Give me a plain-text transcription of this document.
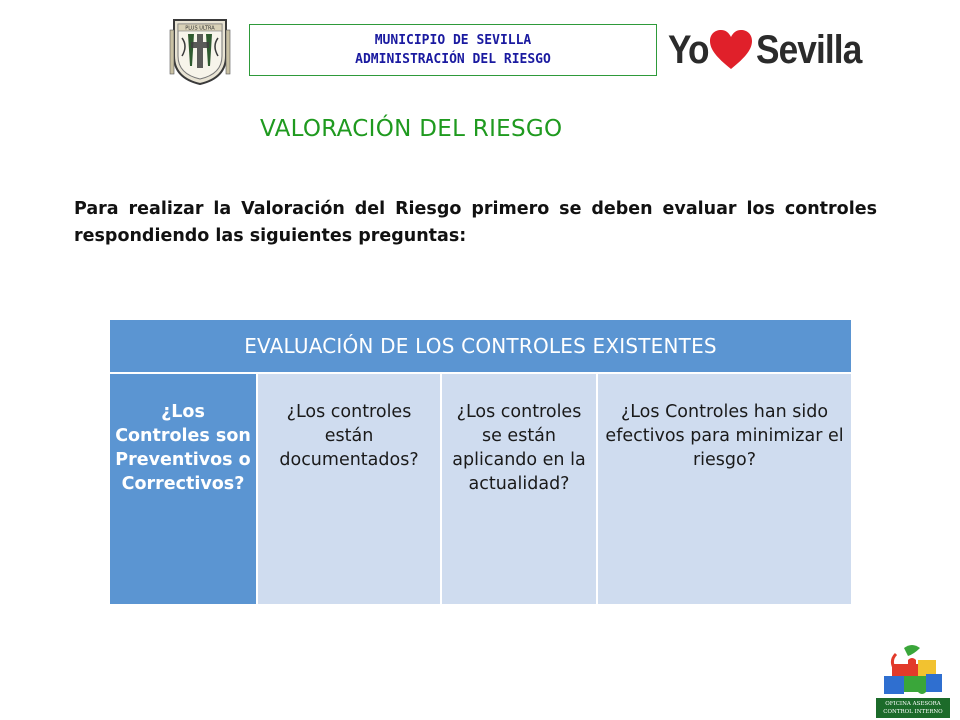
PLUS ULTRA
MUNICIPIO DE SEVILLA
ADMINISTRACIÓN DEL RIESGO	Yo Sevilla
VALORACIÓN DEL RIESGO

Para realizar la Valoración del Riesgo primero se deben evaluar los controles respondiendo las siguientes preguntas:

EVALUACIÓN DE LOS CONTROLES EXISTENTES
¿Los Controles son Preventivos o Correctivos?	¿Los controles están documentados?	¿Los controles se están aplicando en la actualidad?	¿Los Controles han sido efectivos para minimizar el riesgo?
OFICINA ASESORA
CONTROL INTERNO
